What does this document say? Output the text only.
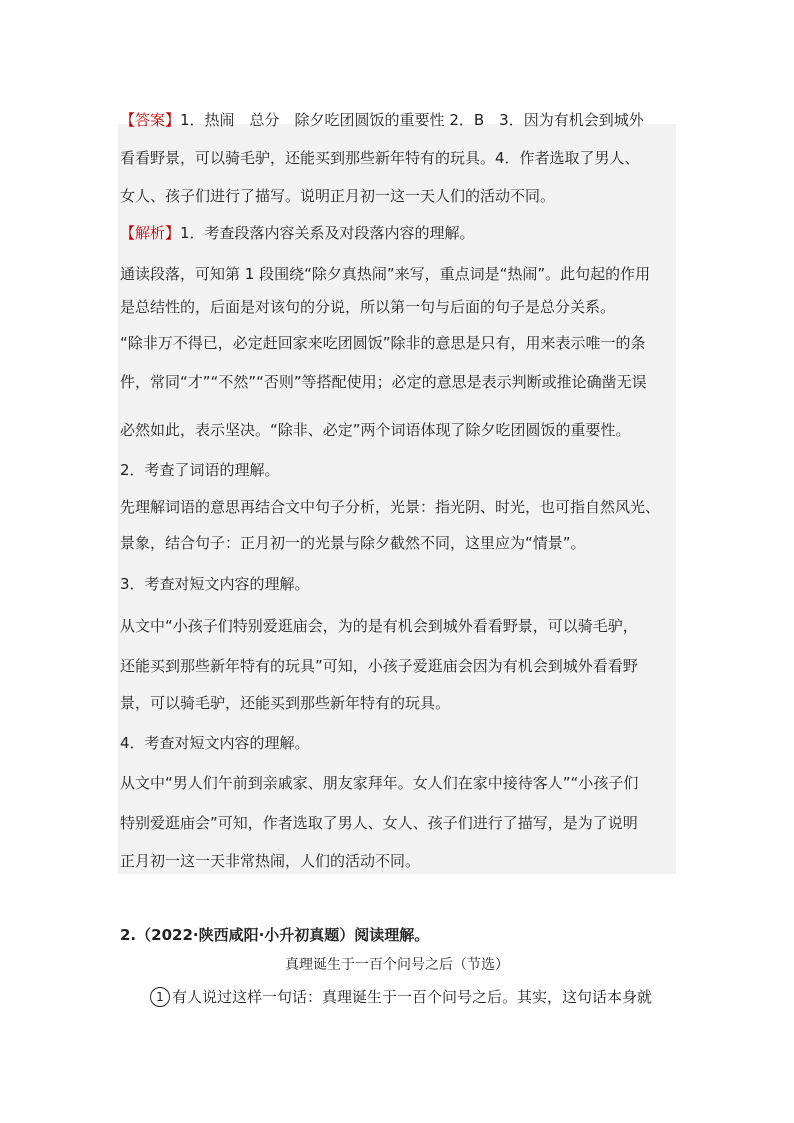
【答案】1．热闹　总分　除夕吃团圆饭的重要性 2．B　3．因为有机会到城外
看看野景，可以骑毛驴，还能买到那些新年特有的玩具。4．作者选取了男人、
女人、孩子们进行了描写。说明正月初一这一天人们的活动不同。
【解析】1．考查段落内容关系及对段落内容的理解。
通读段落，可知第 1 段围绕“除夕真热闹”来写，重点词是“热闹”。此句起的作用
是总结性的，后面是对该句的分说，所以第一句与后面的句子是总分关系。
“除非万不得已，必定赶回家来吃团圆饭”除非的意思是只有，用来表示唯一的条
件，常同“才”“不然”“否则”等搭配使用；必定的意思是表示判断或推论确凿无误
必然如此，表示坚决。“除非、必定”两个词语体现了除夕吃团圆饭的重要性。
2．考查了词语的理解。
先理解词语的意思再结合文中句子分析，光景：指光阴、时光，也可指自然风光、
景象，结合句子：正月初一的光景与除夕截然不同，这里应为“情景”。
3．考查对短文内容的理解。
从文中“小孩子们特别爱逛庙会，为的是有机会到城外看看野景，可以骑毛驴，
还能买到那些新年特有的玩具”可知，小孩子爱逛庙会因为有机会到城外看看野
景，可以骑毛驴，还能买到那些新年特有的玩具。
4．考查对短文内容的理解。
从文中“男人们午前到亲戚家、朋友家拜年。女人们在家中接待客人”“小孩子们
特别爱逛庙会”可知，作者选取了男人、女人、孩子们进行了描写，是为了说明
正月初一这一天非常热闹，人们的活动不同。
2.（2022·陕西咸阳·小升初真题）阅读理解。
真理诞生于一百个问号之后（节选）
1 有人说过这样一句话：真理诞生于一百个问号之后。其实，这句话本身就
